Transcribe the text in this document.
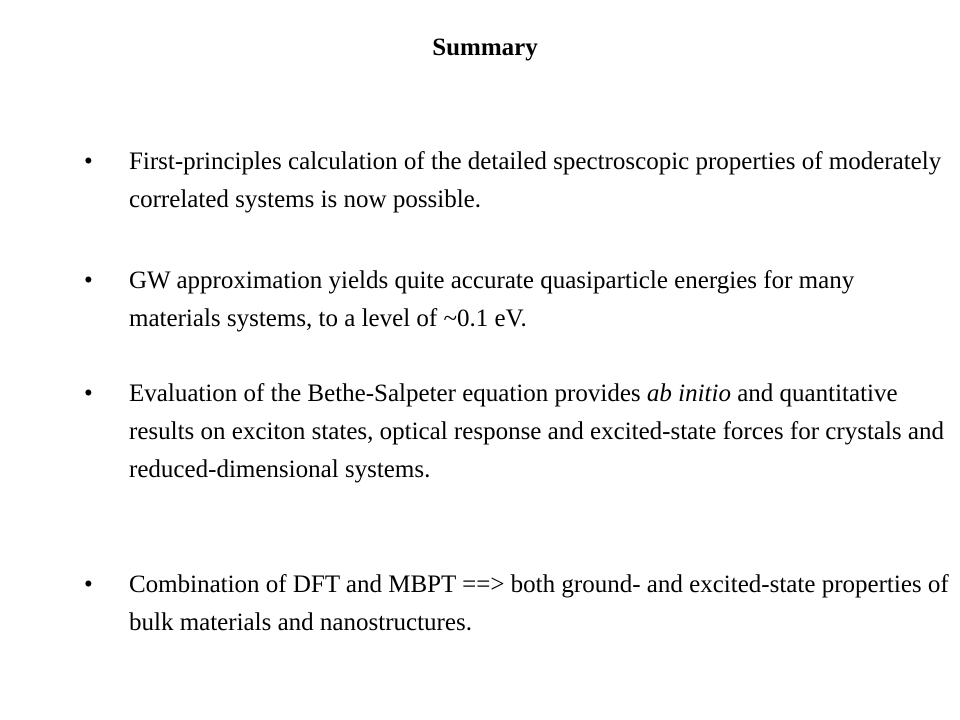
Summary
• First-principles calculation of the detailed spectroscopic properties of moderately correlated systems is now possible.
• GW approximation yields quite accurate quasiparticle energies for many materials systems, to a level of ~0.1 eV.
• Evaluation of the Bethe-Salpeter equation provides ab initio and quantitative results on exciton states, optical response and excited-state forces for crystals and reduced-dimensional systems.
• Combination of DFT and MBPT ==> both ground- and excited-state properties of bulk materials and nanostructures.
